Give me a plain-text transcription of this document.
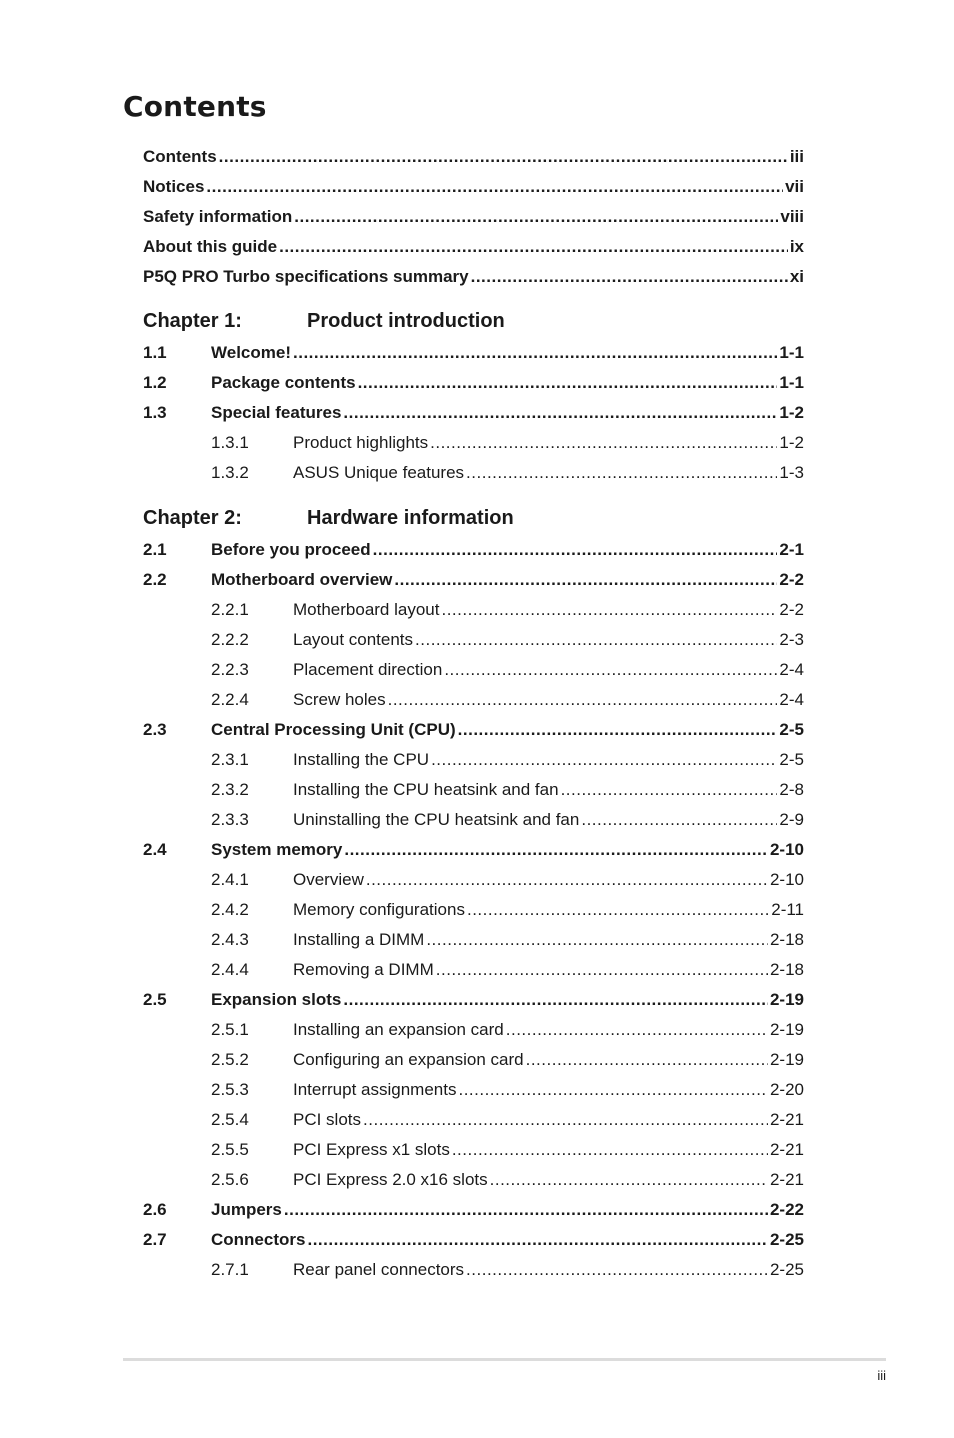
Contents
Contents .....	iii
Notices .....	vii
Safety information .....	viii
About this guide .....	ix
P5Q PRO Turbo specifications summary .....	xi
Chapter 1:	Product introduction
1.1	Welcome! .....	1-1
1.2	Package contents .....	1-1
1.3	Special features .....	1-2
1.3.1	Product highlights .....	1-2
1.3.2	ASUS Unique features .....	1-3
Chapter 2:	Hardware information
2.1	Before you proceed .....	2-1
2.2	Motherboard overview .....	2-2
2.2.1	Motherboard layout .....	2-2
2.2.2	Layout contents .....	2-3
2.2.3	Placement direction .....	2-4
2.2.4	Screw holes .....	2-4
2.3	Central Processing Unit (CPU) .....	2-5
2.3.1	Installing the CPU .....	2-5
2.3.2	Installing the CPU heatsink and fan .....	2-8
2.3.3	Uninstalling the CPU heatsink and fan .....	2-9
2.4	System memory .....	2-10
2.4.1	Overview .....	2-10
2.4.2	Memory configurations .....	2-11
2.4.3	Installing a DIMM .....	2-18
2.4.4	Removing a DIMM .....	2-18
2.5	Expansion slots .....	2-19
2.5.1	Installing an expansion card .....	2-19
2.5.2	Configuring an expansion card .....	2-19
2.5.3	Interrupt assignments .....	2-20
2.5.4	PCI slots .....	2-21
2.5.5	PCI Express x1 slots .....	2-21
2.5.6	PCI Express 2.0 x16 slots .....	2-21
2.6	Jumpers .....	2-22
2.7	Connectors .....	2-25
2.7.1	Rear panel connectors .....	2-25
iii
